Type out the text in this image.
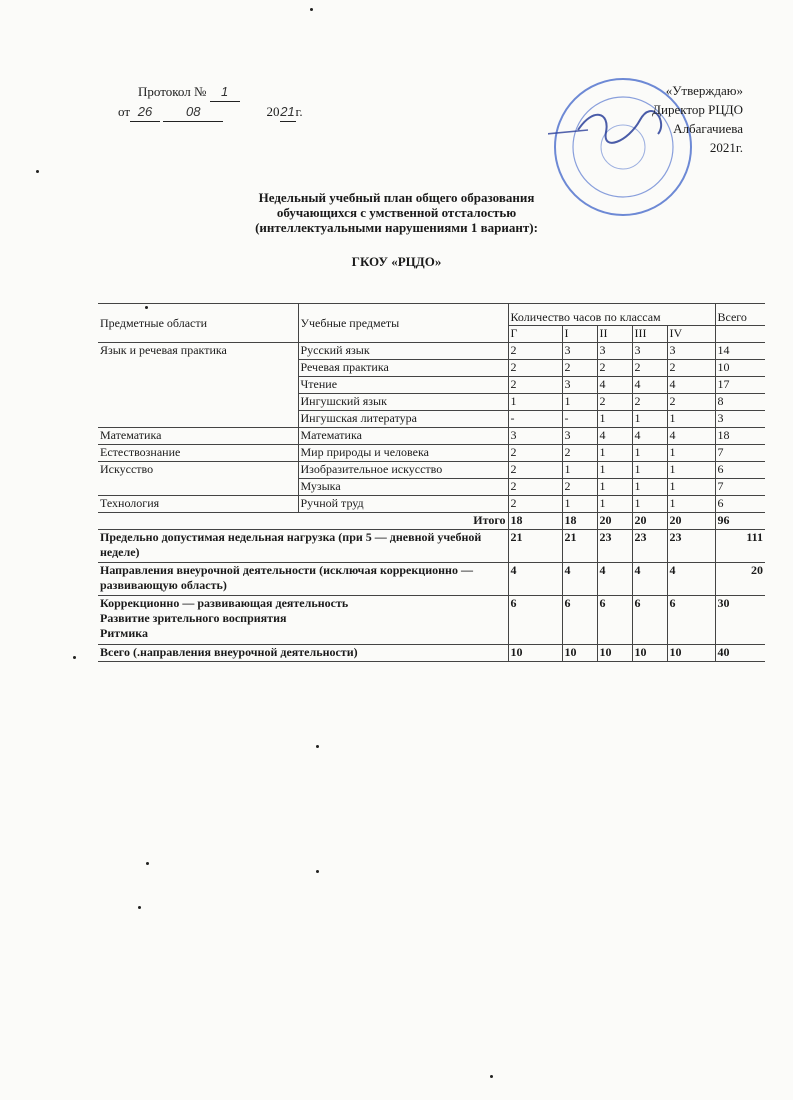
Протокол № 1
от 26	08	2021г.
«Утверждаю»
Директор РЦДО
Албагачиева
2021г.
Недельный учебный план общего образования
обучающихся с умственной отсталостью
(интеллектуальными нарушениями 1 вариант):
ГКОУ «РЦДО»
Предметные области	Учебные предметы	Количество часов по классам					Всего
		Г	I	II	III	IV	
Язык и речевая практика	Русский язык	2	3	3	3	3	14
	Речевая практика	2	2	2	2	2	10
	Чтение	2	3	4	4	4	17
	Ингушский язык	1	1	2	2	2	8
	Ингушская литература	-	-	1	1	1	3
Математика	Математика	3	3	4	4	4	18
Естествознание	Мир природы и человека	2	2	1	1	1	7
Искусство	Изобразительное искусство	2	1	1	1	1	6
	Музыка	2	2	1	1	1	7
Технология	Ручной труд	2	1	1	1	1	6
Итого		18	18	20	20	20	96
Предельно допустимая недельная нагрузка (при 5 — дневной учебной неделе)		21	21	23	23	23	111
Направления внеурочной деятельности (исключая коррекционно — развивающую область)		4	4	4	4	4	20

Коррекционно — развивающая деятельность
Развитие зрительного восприятия
Ритмика		6	6	6	6	6	30
Всего (.направления внеурочной деятельности)		10	10	10	10	10	40
